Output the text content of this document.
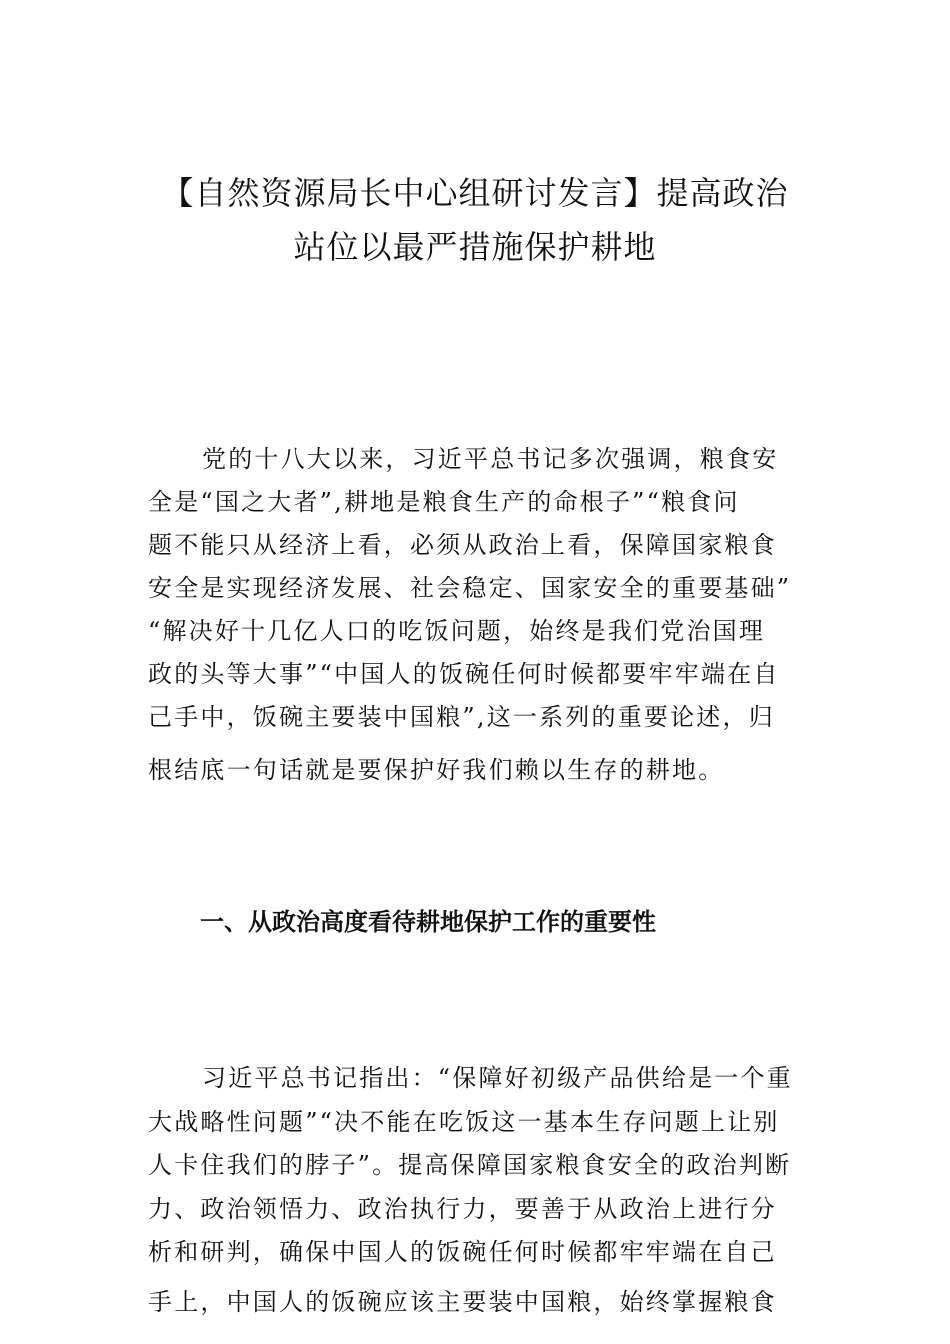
【自然资源局长中心组研讨发言】提高政治
站位以最严措施保护耕地
党的十八大以来，习近平总书记多次强调，粮食安
全是“国之大者”,耕地是粮食生产的命根子”“粮食问
题不能只从经济上看，必须从政治上看，保障国家粮食
安全是实现经济发展、社会稳定、国家安全的重要基础”
“解决好十几亿人口的吃饭问题，始终是我们党治国理
政的头等大事”“中国人的饭碗任何时候都要牢牢端在自
己手中，饭碗主要装中国粮”,这一系列的重要论述，归
根结底一句话就是要保护好我们赖以生存的耕地。
一、从政治高度看待耕地保护工作的重要性
习近平总书记指出：“保障好初级产品供给是一个重
大战略性问题”“决不能在吃饭这一基本生存问题上让别
人卡住我们的脖子”。提高保障国家粮食安全的政治判断
力、政治领悟力、政治执行力，要善于从政治上进行分
析和研判，确保中国人的饭碗任何时候都牢牢端在自己
手上，中国人的饭碗应该主要装中国粮，始终掌握粮食
